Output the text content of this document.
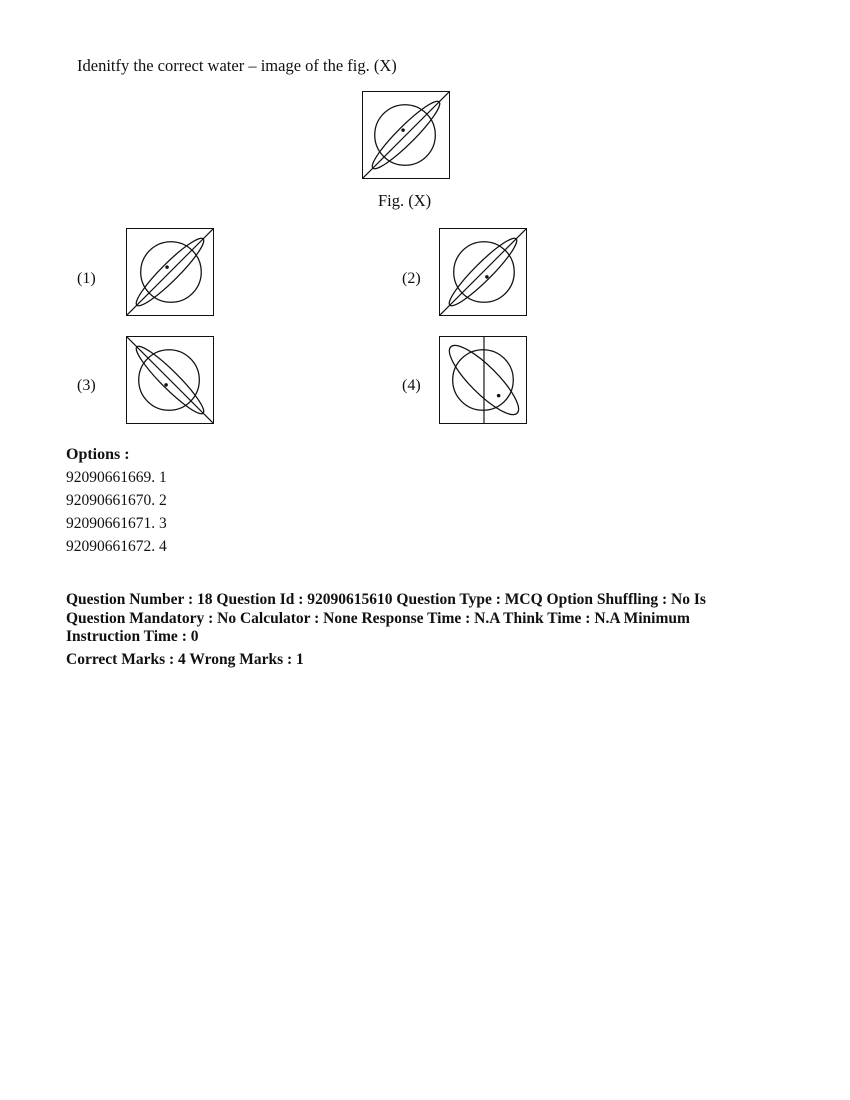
Idenitfy the correct water – image of the fig. (X)
Fig. (X)
(1)	(2)
(3)	(4)
Options :
92090661669. 1
92090661670. 2
92090661671. 3
92090661672. 4
Question Number : 18 Question Id : 92090615610 Question Type : MCQ Option Shuffling : No Is
Question Mandatory : No Calculator : None Response Time : N.A Think Time : N.A Minimum
Instruction Time : 0
Correct Marks : 4 Wrong Marks : 1
